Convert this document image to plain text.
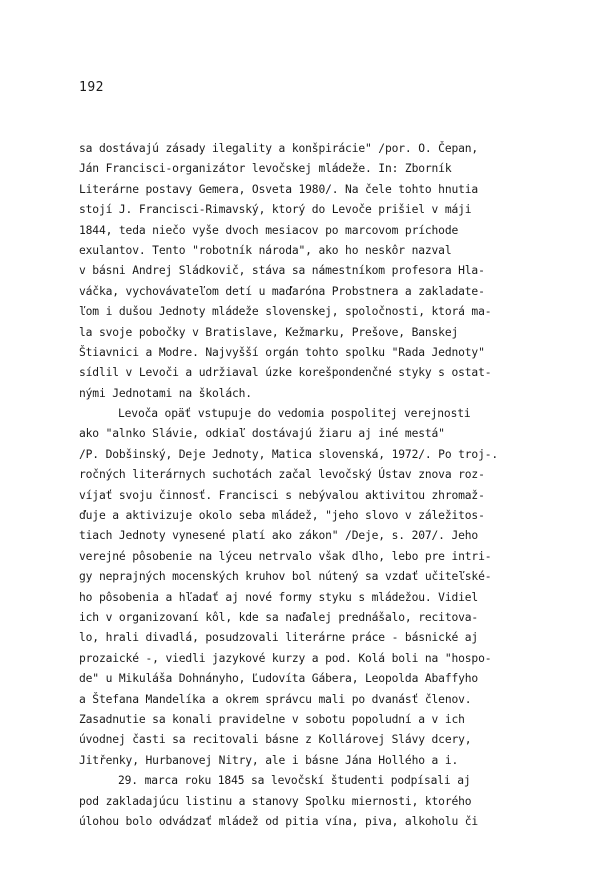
192
sa dostávajú zásady ilegality a konšpirácie" /por. O. Čepan,
Ján Francisci-organizátor levočskej mládeže. In: Zborník
Literárne postavy Gemera, Osveta 1980/. Na čele tohto hnutia
stojí J. Francisci-Rimavský, ktorý do Levoče prišiel v máji
1844, teda niečo vyše dvoch mesiacov po marcovom príchode
exulantov. Tento "robotník národa", ako ho neskôr nazval
v básni Andrej Sládkovič, stáva sa námestníkom profesora Hla-
váčka, vychovávateľom detí u maďaróna Probstnera a zakladate-
ľom i dušou Jednoty mládeže slovenskej, spoločnosti, ktorá ma-
la svoje pobočky v Bratislave, Kežmarku, Prešove, Banskej
Štiavnici a Modre. Najvyšší orgán tohto spolku "Rada Jednoty"
sídlil v Levoči a udržiaval úzke korešpondenčné styky s ostat-
nými Jednotami na školách.
Levoča opäť vstupuje do vedomia pospolitej verejnosti
ako "alnko Slávie, odkiaľ dostávajú žiaru aj iné mestá"
/P. Dobšinský, Deje Jednoty, Matica slovenská, 1972/. Po troj-.
ročných literárnych suchotách začal levočský Ústav znova roz-
víjať svoju činnosť. Francisci s nebývalou aktivitou zhromaž-
ďuje a aktivizuje okolo seba mládež, "jeho slovo v záležitos-
tiach Jednoty vynesené platí ako zákon" /Deje, s. 207/. Jeho
verejné pôsobenie na lýceu netrvalo však dlho, lebo pre intri-
gy neprajných mocenských kruhov bol nútený sa vzdať učiteľské-
ho pôsobenia a hľadať aj nové formy styku s mládežou. Vidiel
ich v organizovaní kôl, kde sa naďalej prednášalo, recitova-
lo, hrali divadlá, posudzovali literárne práce - básnické aj
prozaické -, viedli jazykové kurzy a pod. Kolá boli na "hospo-
de" u Mikuláša Dohnányho, Ľudovíta Gábera, Leopolda Abaffyho
a Štefana Mandelíka a okrem správcu mali po dvanásť členov.
Zasadnutie sa konali pravidelne v sobotu popoludní a v ich
úvodnej časti sa recitovali básne z Kollárovej Slávy dcery,
Jitřenky, Hurbanovej Nitry, ale i básne Jána Hollého a i.
29. marca roku 1845 sa levočskí študenti podpísali aj
pod zakladajúcu listinu a stanovy Spolku miernosti, ktorého
úlohou bolo odvádzať mládež od pitia vína, piva, alkoholu či
